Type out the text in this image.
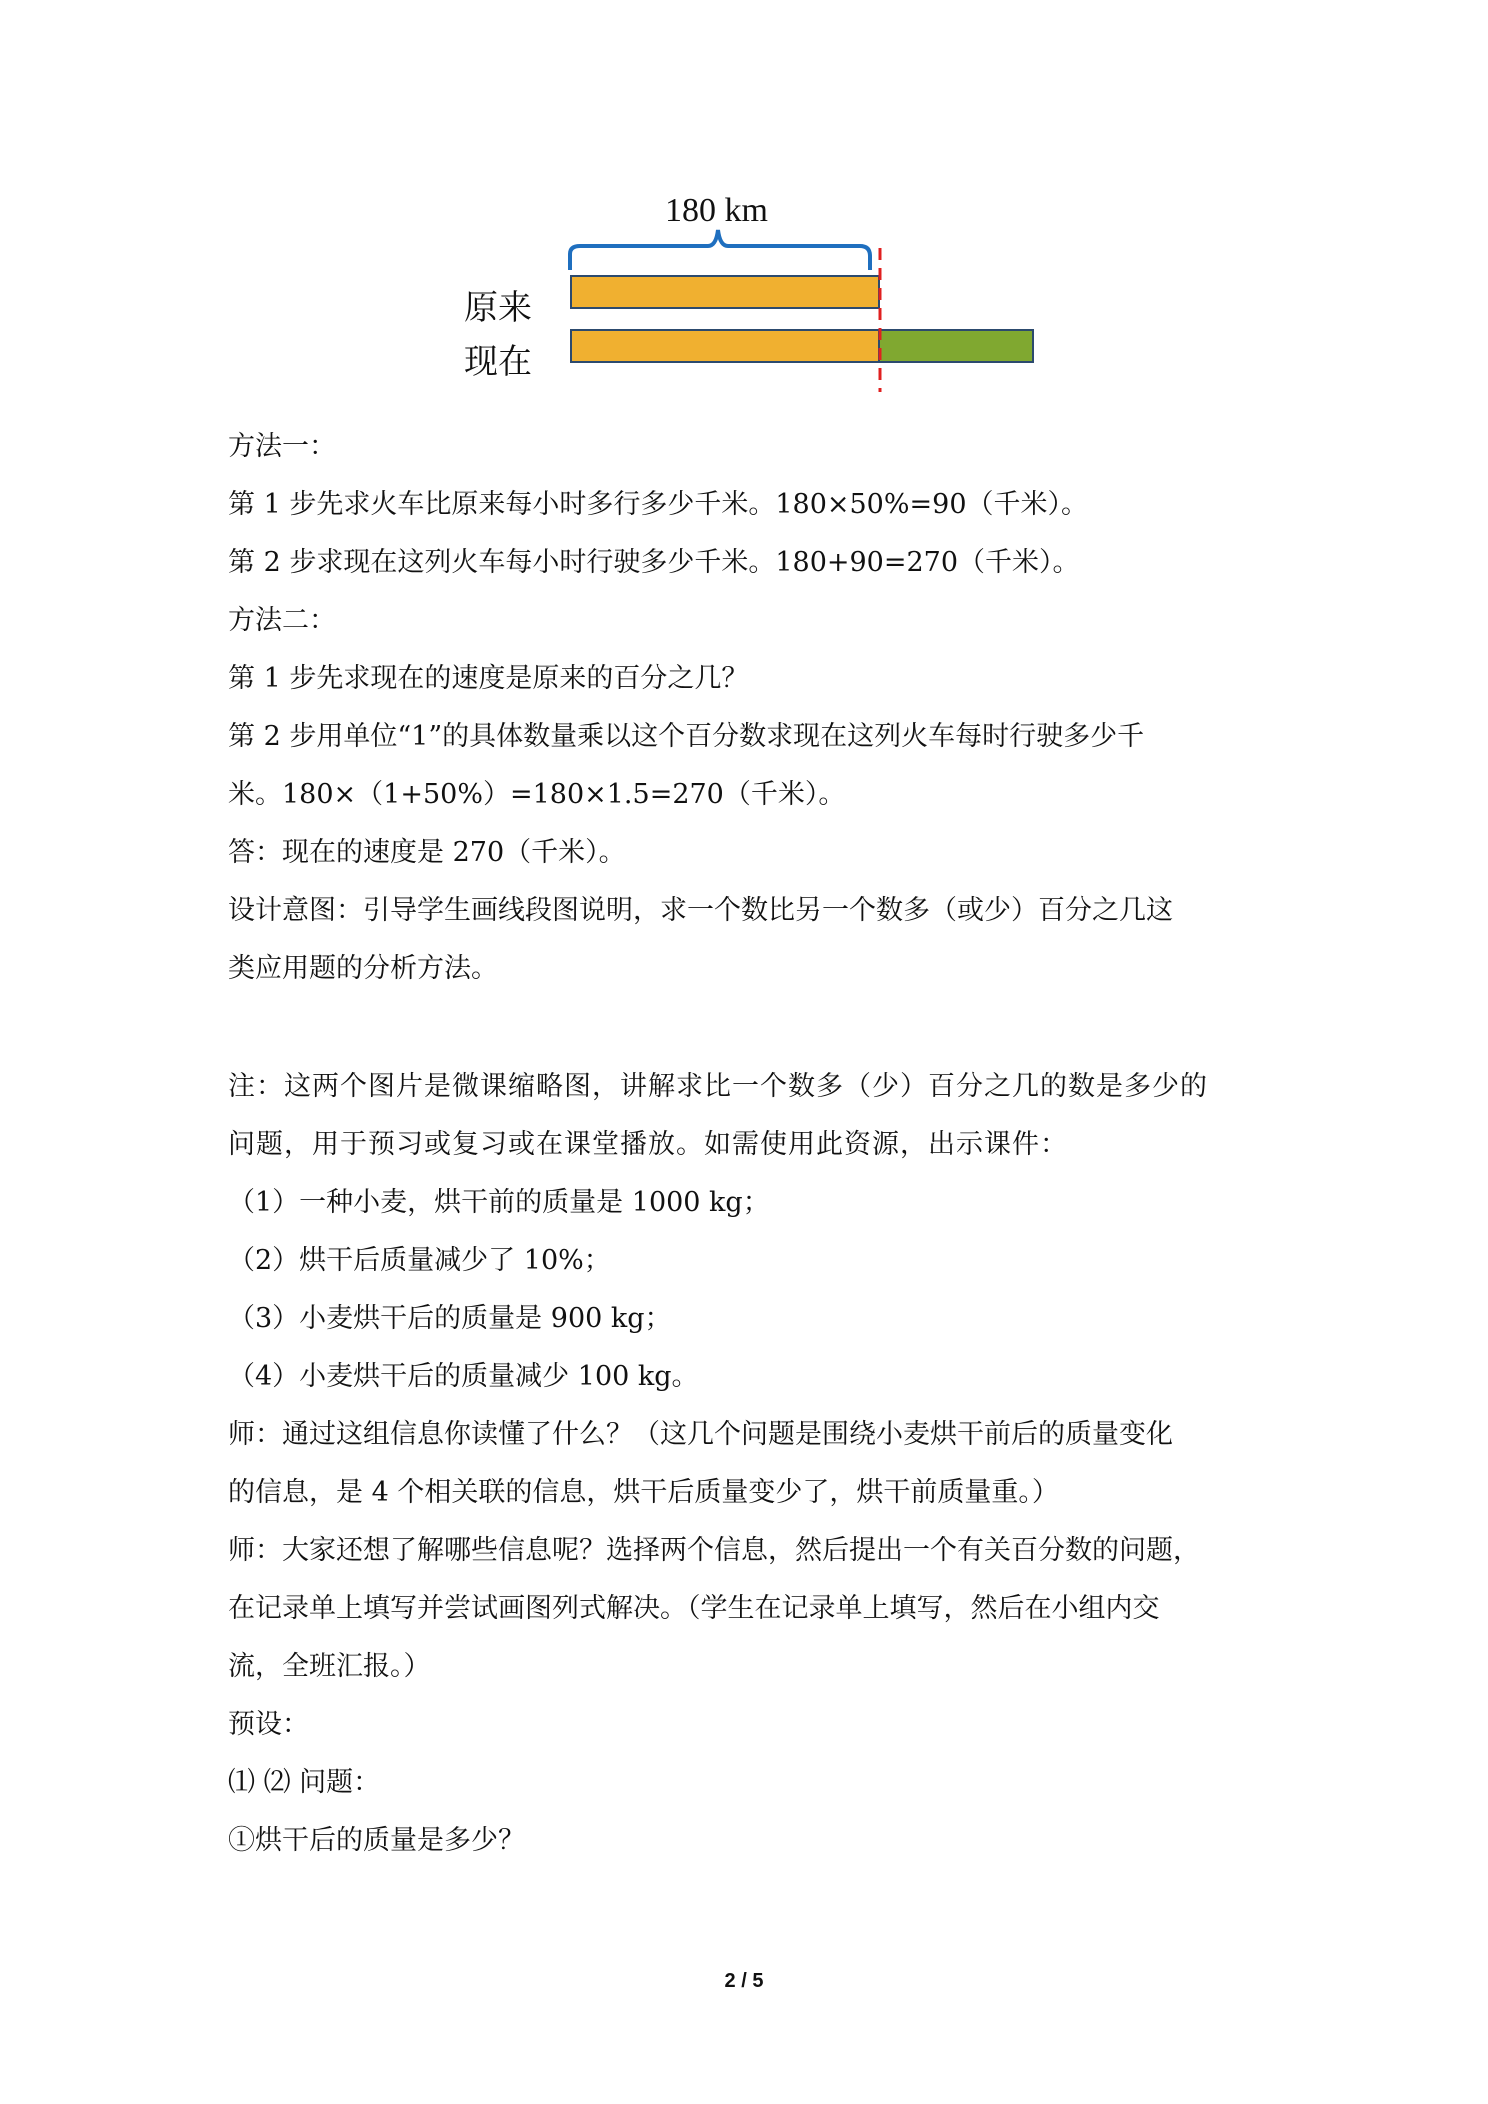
180 km
原来
现在
方法一：
第 1 步先求火车比原来每小时多行多少千米。180×50%=90（千米）。
第 2 步求现在这列火车每小时行驶多少千米。180+90=270（千米）。
方法二：
第 1 步先求现在的速度是原来的百分之几？
第 2 步用单位“1”的具体数量乘以这个百分数求现在这列火车每时行驶多少千
米。180×（1+50%）=180×1.5=270（千米）。
答：现在的速度是 270（千米）。
设计意图：引导学生画线段图说明，求一个数比另一个数多（或少）百分之几这
类应用题的分析方法。
注：这两个图片是微课缩略图，讲解求比一个数多（少）百分之几的数是多少的
问题，用于预习或复习或在课堂播放。如需使用此资源，出示课件：
（1）一种小麦，烘干前的质量是 1000 kg；
（2）烘干后质量减少了 10%；
（3）小麦烘干后的质量是 900 kg；
（4）小麦烘干后的质量减少 100 kg。
师：通过这组信息你读懂了什么？（这几个问题是围绕小麦烘干前后的质量变化
的信息，是 4 个相关联的信息，烘干后质量变少了，烘干前质量重。）
师：大家还想了解哪些信息呢？选择两个信息，然后提出一个有关百分数的问题，
在记录单上填写并尝试画图列式解决。（学生在记录单上填写，然后在小组内交
流，全班汇报。）
预设：
⑴ ⑵ 问题：
①烘干后的质量是多少？
2 / 5
